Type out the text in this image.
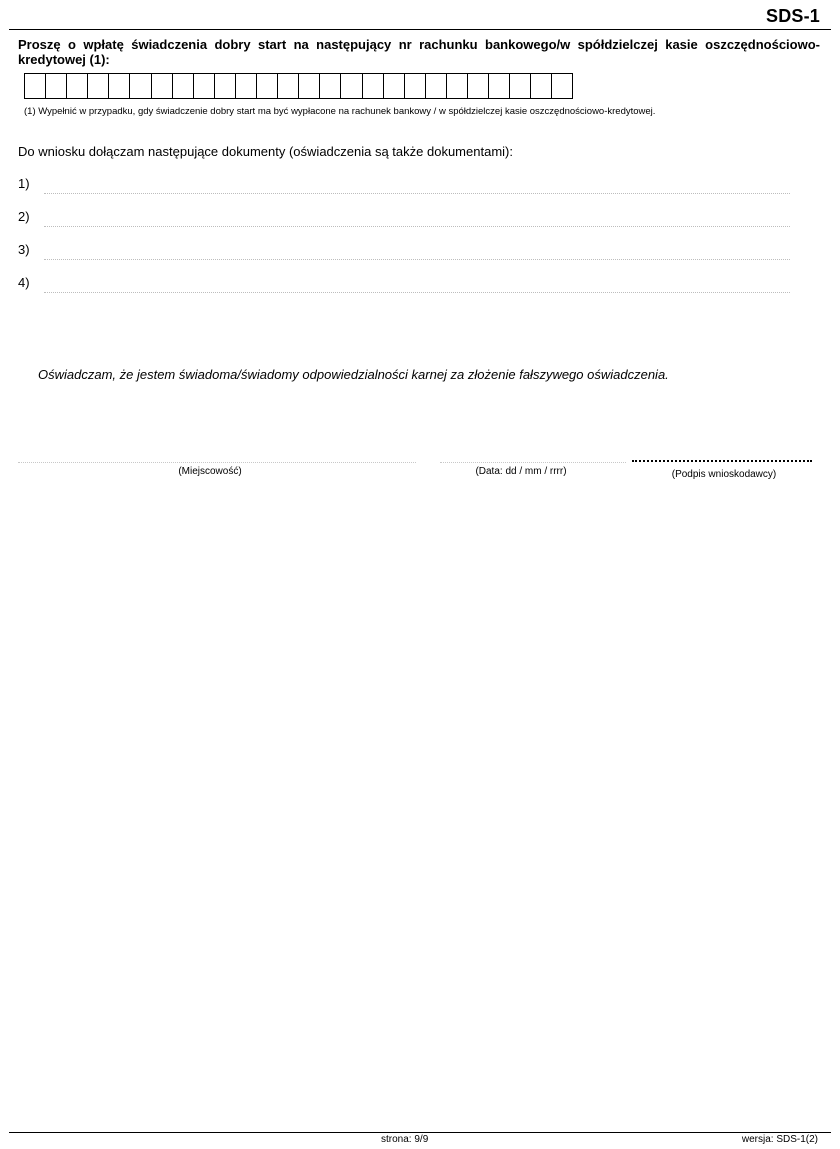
SDS-1
Proszę o wpłatę świadczenia dobry start na następujący nr rachunku bankowego/w spółdzielczej kasie oszczędnościowo-kredytowej (1):
(1) Wypełnić w przypadku, gdy świadczenie dobry start ma być wypłacone na rachunek bankowy / w spółdzielczej kasie oszczędnościowo-kredytowej.
Do wniosku dołączam następujące dokumenty (oświadczenia są także dokumentami):
1)
2)
3)
4)
Oświadczam, że jestem świadoma/świadomy odpowiedzialności karnej za złożenie fałszywego oświadczenia.
(Miejscowość)	(Data: dd / mm / rrrr)	(Podpis wnioskodawcy)
strona: 9/9	wersja: SDS-1(2)
